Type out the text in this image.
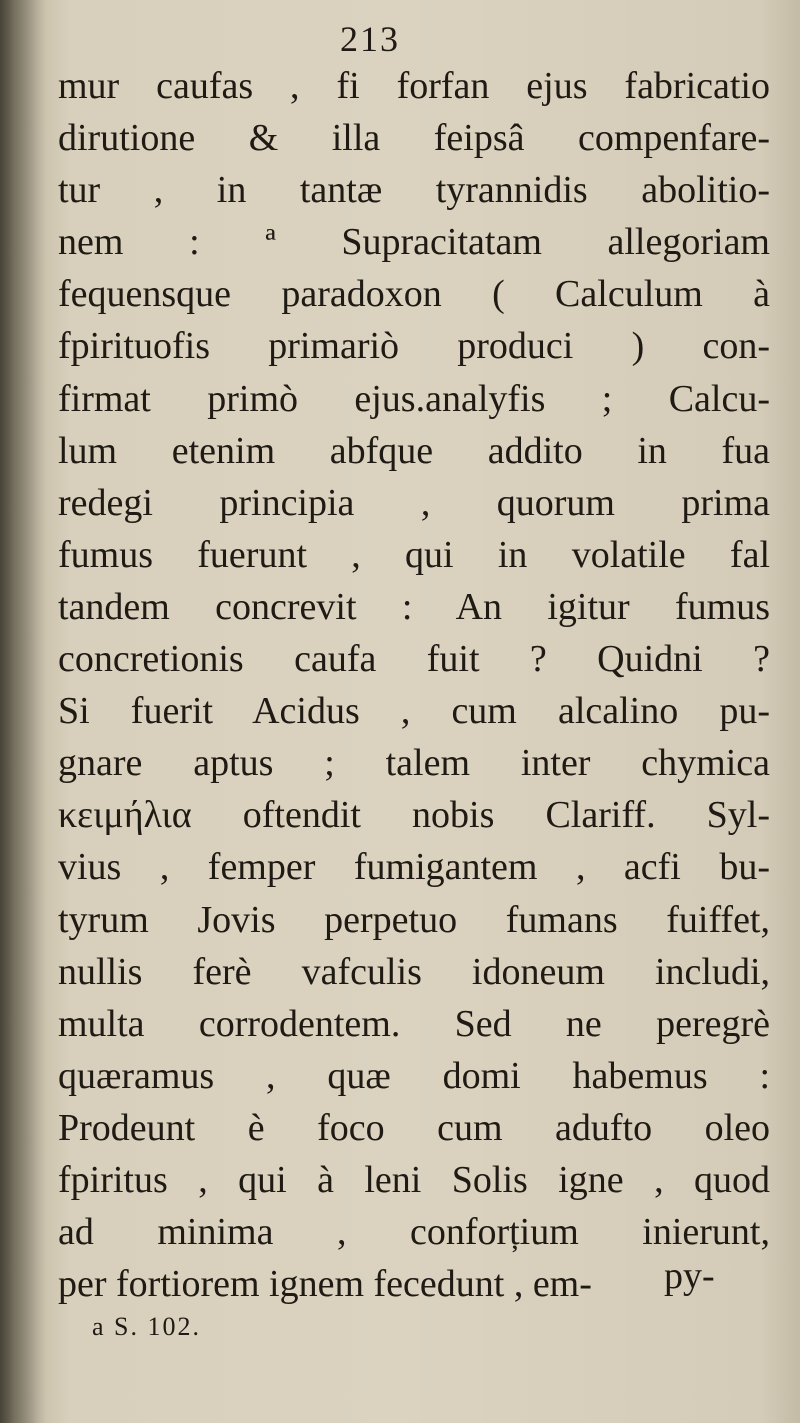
213
mur caufas , fi forfan ejus fabricatio
dirutione & illa feipsâ compenfare-
tur , in tantæ tyrannidis abolitio-
nem : ª Supracitatam allegoriam
fequensque paradoxon ( Calculum à
fpirituofis primariò produci ) con-
firmat primò ejus.analyfis ; Calcu-
lum etenim abfque addito in fua
redegi principia , quorum prima
fumus fuerunt , qui in volatile fal
tandem concrevit : An igitur fumus
concretionis caufa fuit ? Quidni ?
Si fuerit Acidus , cum alcalino pu-
gnare aptus ; talem inter chymica
κειμήλια oftendit nobis Clariff. Syl-
vius , femper fumigantem , acfi bu-
tyrum Jovis perpetuo fumans fuiffet,
nullis ferè vafculis idoneum includi,
multa corrodentem. Sed ne peregrè
quæramus , quæ domi habemus :
Prodeunt è foco cum adufto oleo
fpiritus , qui à leni Solis igne , quod
ad minima , conforțium inierunt,
per fortiorem ignem fecedunt , em-	py-
a S. 102.
